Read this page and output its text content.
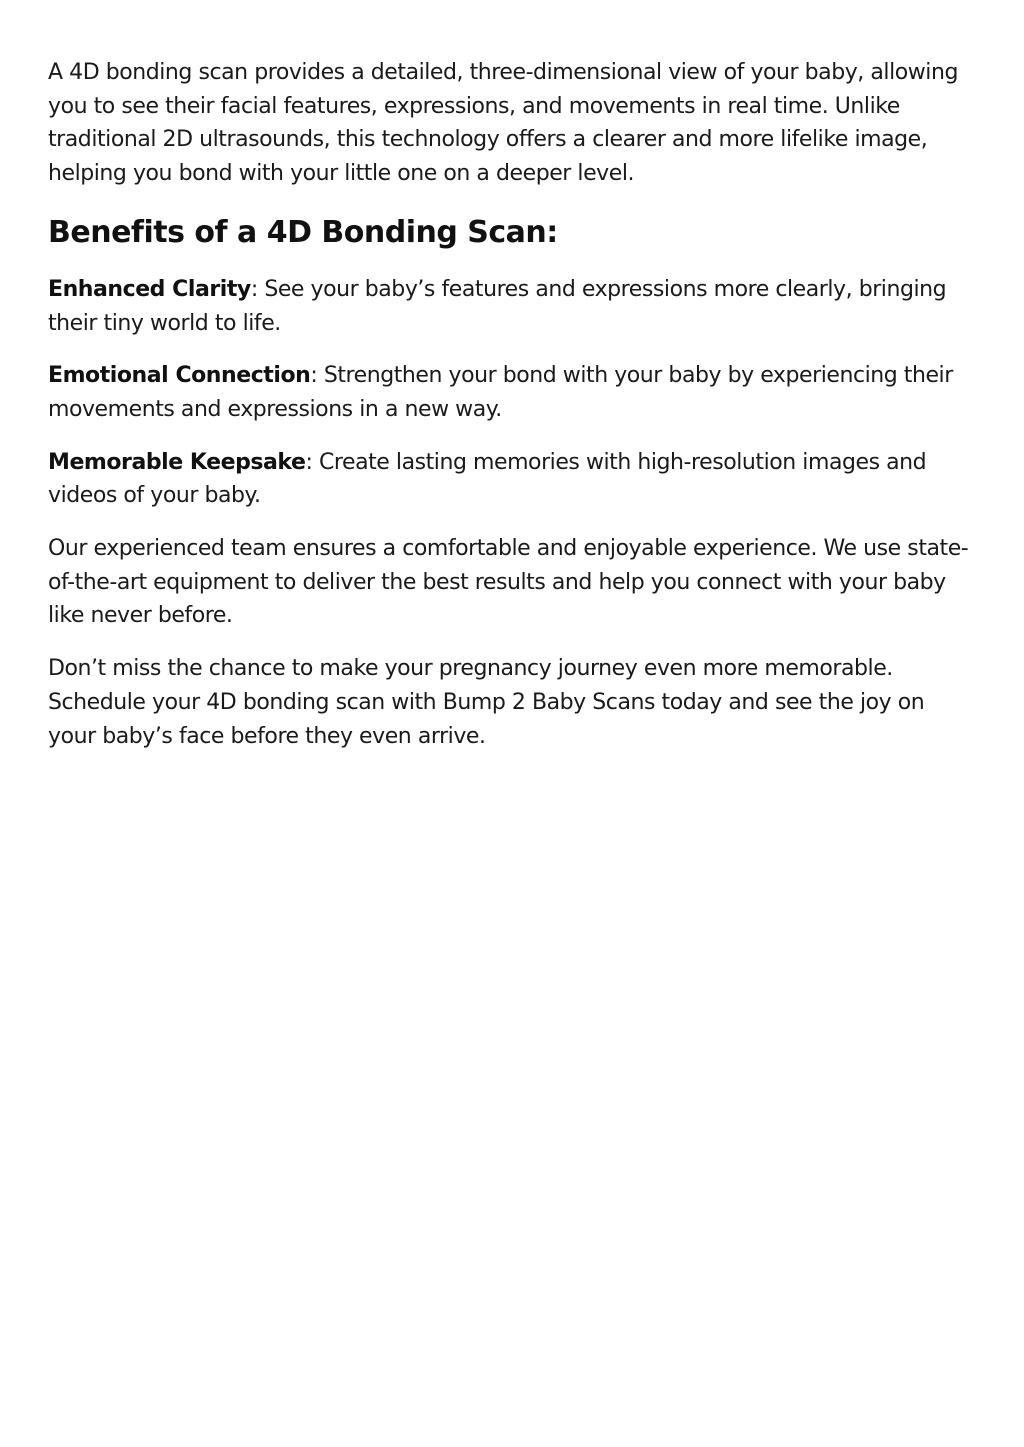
A 4D bonding scan provides a detailed, three-dimensional view of your baby, allowing you to see their facial features, expressions, and movements in real time. Unlike traditional 2D ultrasounds, this technology offers a clearer and more lifelike image, helping you bond with your little one on a deeper level.

Benefits of a 4D Bonding Scan:

Enhanced Clarity: See your baby’s features and expressions more clearly, bringing their tiny world to life.

Emotional Connection: Strengthen your bond with your baby by experiencing their movements and expressions in a new way.

Memorable Keepsake: Create lasting memories with high-resolution images and videos of your baby.

Our experienced team ensures a comfortable and enjoyable experience. We use state-of-the-art equipment to deliver the best results and help you connect with your baby like never before.

Don’t miss the chance to make your pregnancy journey even more memorable. Schedule your 4D bonding scan with Bump 2 Baby Scans today and see the joy on your baby’s face before they even arrive.
